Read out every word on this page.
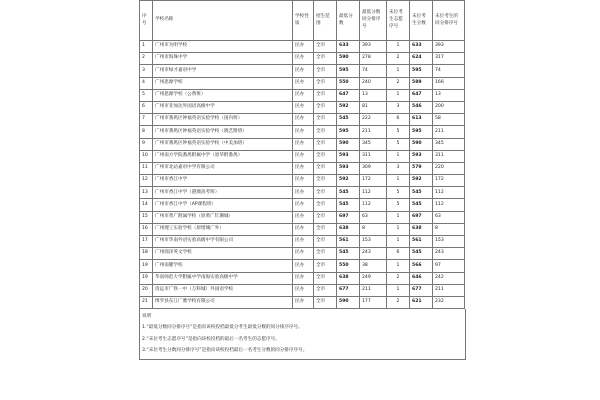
序号	学校名称	学校性质	招生范围	最低分数	最低分数同分排序号	末位考生志愿序号	末位考生分数	末位考生的同分排序号
1	广州市为明学校	民办	全市	633	393	1	633	393
2	广州市海珠中学	民办	全市	590	278	2	624	317
3	广州市绿才嘉府中学	民办	全市	595	74	1	595	74
4	广州思源学校	民办	全市	550	240	2	589	166
5	广州思源学校（公费班）	民办	全市	647	13	1	647	13
6	广州市亚加达外国语高级中学	民办	全市	592	81	3	546	200
7	广州市番禺区钟福英语实验学校（国内班）	民办	全市	545	222	6	613	58
8	广州市番禺区钟福英语实验学校（晓艺附班）	民办	全市	595	211	5	595	211
9	广州市番禺区钟福英语实验学校（中美加班）	民办	全市	590	345	5	590	345
10	广州南方学院番禺附属中学（原华附番禺）	民办	全市	593	311	1	593	311
11	广州市北站嘉府中学有限公司	民办	全市	593	309	3	579	220
12	广州市香江中学	民办	全市	592	172	1	592	172
13	广州市香江中学（港澳高考班）	民办	全市	545	112	5	545	112
14	广州市香江中学（AP课程班）	民办	全市	545	112	5	545	112
15	广州市黄广附属学校（原黄广钉珊城）	民办	全市	697	63	1	697	63
16	广州理工实验学校（原增城广外）	民办	全市	638	8	1	638	8
17	广州市华南外语实验高级中学有限公司	民办	全市	561	153	1	561	153
18	广州商泽英文学校	民办	全市	545	243	6	545	243
19	广州南麓学校	民办	全市	550	38	1	566	97
19	华南师范大学附属中学南海实验高级中学	民办	全市	638	249	2	646	242
20	清远市广铁一中（万科城）外国语学校	民办	全市	677	211	1	677	211
21	博罗县东江广雅学校有限公司	民办	全市	590	177	2	621	232
说明
1.“最低分数同分排序号”是指向该校投档最低分考生最低分数的同分排序序号。
2.“末位考生志愿序号”是指向该校投档的最后一名考生的志愿序号。
3.“末位考生分数同分排序号”是指向该校投档最后一名考生分数的同分排序序号。
